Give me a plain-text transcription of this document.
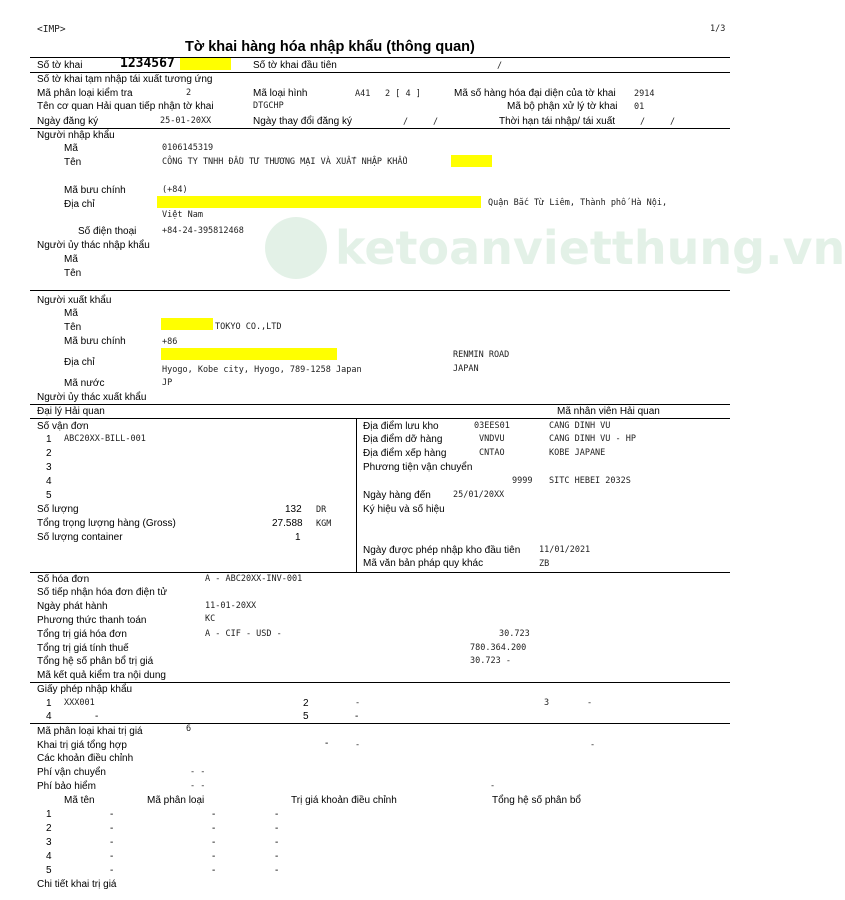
ketoanvietthung.vn
<IMP>	1/3
Tờ khai hàng hóa nhập khẩu (thông quan)
Số tờ khai	1234567	Số tờ khai đầu tiên	/
Số tờ khai tạm nhập tái xuất tương ứng
Mã phân loại kiểm tra	2	Mã loại hình	A41 2 [ 4 ]	Mã số hàng hóa đại diện của tờ khai 2914
Tên cơ quan Hải quan tiếp nhận tờ khai	DTGCHP	Mã bộ phận xử lý tờ khai 01
Ngày đăng ký	25-01-20XX	Ngày thay đổi đăng ký	/	/	Thời hạn tái nhập/ tái xuất	/	/
Người nhập khẩu
Mã	0106145319
Tên	CÔNG TY TNHH ĐẦU TƯ THƯƠNG MẠI VÀ XUẤT NHẬP KHẨU
Mã bưu chính	(+84)
Địa chỉ	Quận Bắc Từ Liêm, Thành phố Hà Nội,
Việt Nam
Số điện thoại	+84-24-395812468
Người ủy thác nhập khẩu
Mã
Tên
Người xuất khẩu
Mã
Tên	TOKYO CO.,LTD
Mã bưu chính	+86
Địa chỉ
RENMIN ROAD
Hyogo, Kobe city, Hyogo, 789-1258 Japan	JAPAN
Mã nước	JP
Người ủy thác xuất khẩu
Đại lý Hải quan	Mã nhân viên Hải quan
Số vận đơn
1 ABC20XX-BILL-001
2
3
4
5
Số lượng	132 DR
Tổng trọng lượng hàng (Gross)	27.588 KGM
Số lượng container	1
Địa điểm lưu kho	03EES01	CANG DINH VU
Địa điểm dỡ hàng	VNDVU	CANG DINH VU - HP
Địa điểm xếp hàng	CNTAO	KOBE JAPANE
Phương tiện vận chuyển
9999 SITC HEBEI 2032S
Ngày hàng đến	25/01/20XX
Ký hiệu và số hiệu
Ngày được phép nhập kho đầu tiên 11/01/2021
Mã văn bản pháp quy khác	ZB
Số hóa đơn	A - ABC20XX-INV-001
Số tiếp nhận hóa đơn điện tử
Ngày phát hành	11-01-20XX
Phương thức thanh toán	KC
Tổng trị giá hóa đơn	A - CIF - USD -	30.723
Tổng trị giá tính thuế	780.364.200
Tổng hệ số phân bổ trị giá	30.723 -
Mã kết quả kiểm tra nội dung
Giấy phép nhập khẩu
1 XXX001	2	-	3	-
4	-	5	-
Mã phân loại khai trị giá	6
Khai trị giá tổng hợp	-	-	-
Các khoản điều chỉnh
Phí vận chuyển	- -
Phí bảo hiểm	- -	-
Mã tên	Mã phân loại	Trị giá khoản điều chỉnh	Tổng hệ số phân bổ
1	-	-	-
2	-	-	-
3	-	-	-
4	-	-	-
5	-	-	-
Chi tiết khai trị giá
